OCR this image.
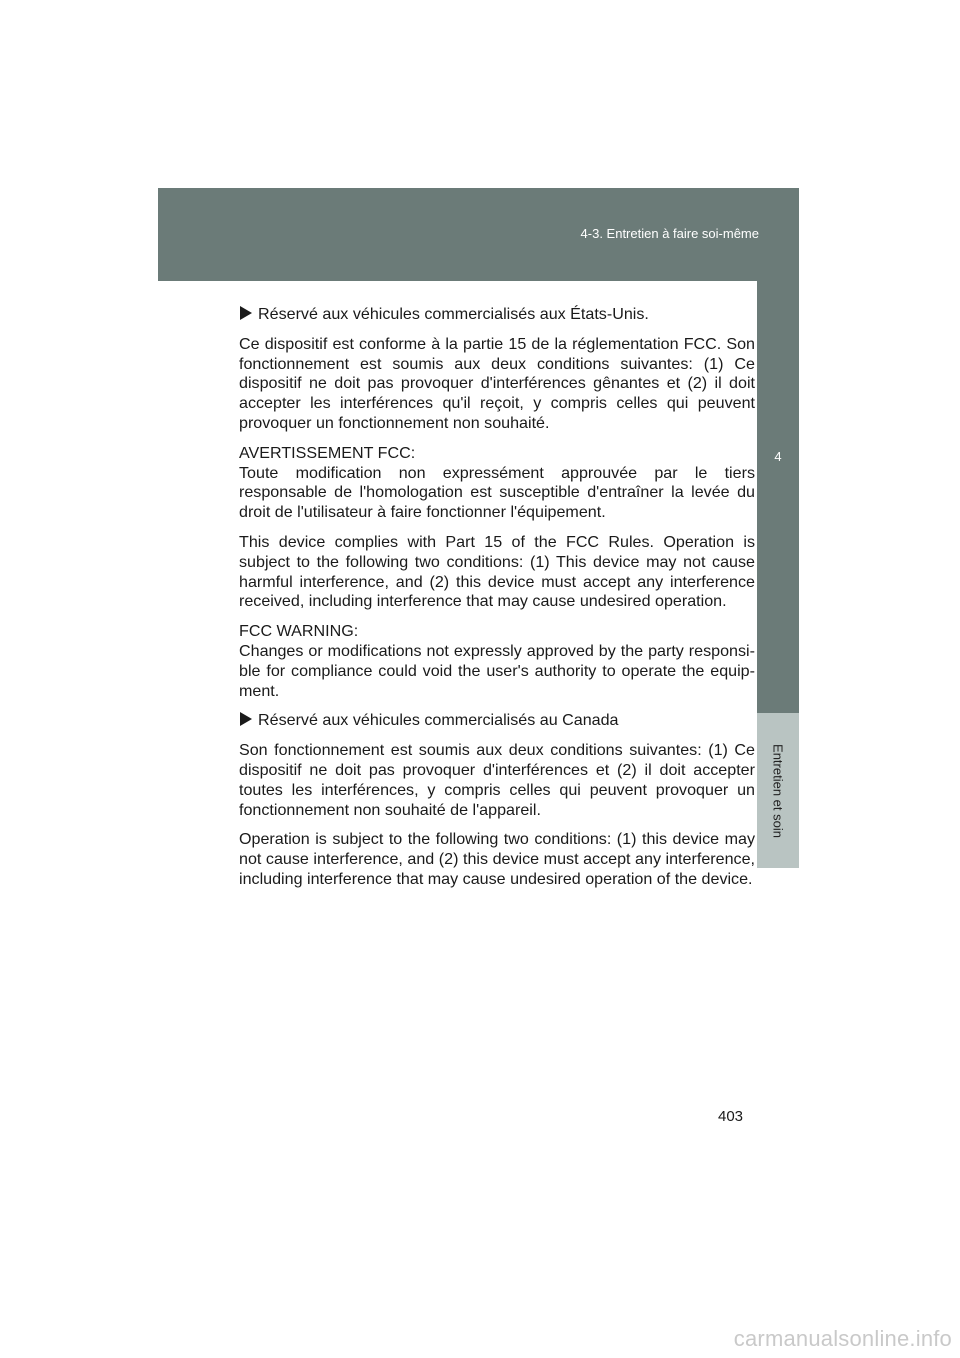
4-3. Entretien à faire soi-même
4
Entretien et soin

Réservé aux véhicules commercialisés aux États-Unis.

Ce dispositif est conforme à la partie 15 de la réglementation FCC. Son fonctionnement est soumis aux deux conditions suivantes: (1) Ce dispositif ne doit pas provoquer d'interférences gênantes et (2) il doit accepter les interférences qu'il reçoit, y compris celles qui peuvent provoquer un fonctionnement non souhaité.

AVERTISSEMENT FCC:
Toute modification non expressément approuvée par le tiers responsable de l'homologation est susceptible d'entraîner la levée du droit de l'utilisateur à faire fonctionner l'équipement.

This device complies with Part 15 of the FCC Rules. Operation is subject to the following two conditions: (1) This device may not cause harmful interference, and (2) this device must accept any interference received, including interference that may cause undesired operation.

FCC WARNING:
Changes or modifications not expressly approved by the party responsi-ble for compliance could void the user's authority to operate the equip-ment.

Réservé aux véhicules commercialisés au Canada

Son fonctionnement est soumis aux deux conditions suivantes: (1) Ce dispositif ne doit pas provoquer d'interférences et (2) il doit accepter toutes les interférences, y compris celles qui peuvent provoquer un fonctionnement non souhaité de l'appareil.

Operation is subject to the following two conditions: (1) this device may not cause interference, and (2) this device must accept any interference, including interference that may cause undesired operation of the device.

403
carmanualsonline.info
